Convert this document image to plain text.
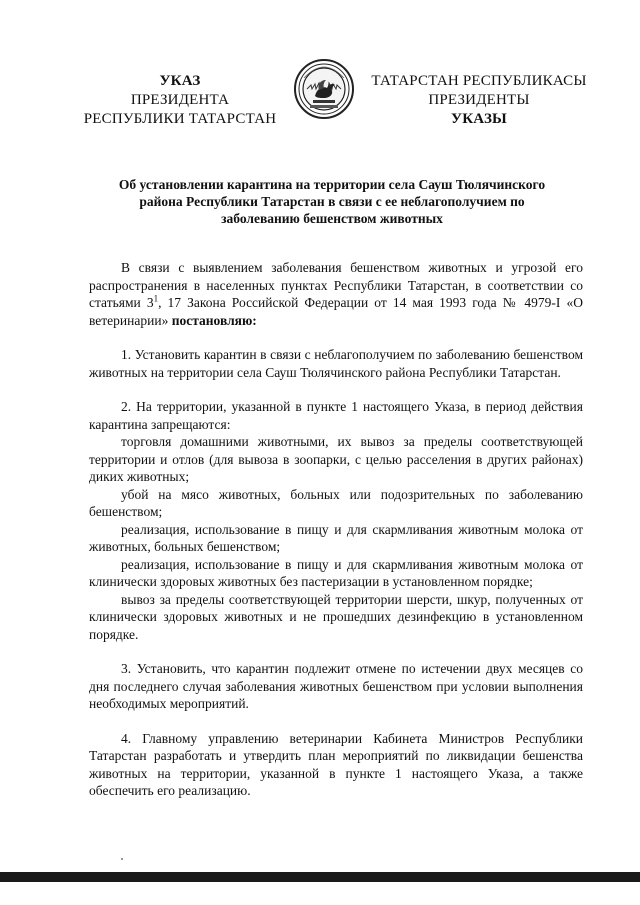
УКАЗ
ПРЕЗИДЕНТА
РЕСПУБЛИКИ ТАТАРСТАН
ТАТАРСТАН РЕСПУБЛИКАСЫ
ПРЕЗИДЕНТЫ
УКАЗЫ
Об установлении карантина на территории села Сауш Тюлячинского
района Республики Татарстан в связи с ее неблагополучием по
заболеванию бешенством животных

В связи с выявлением заболевания бешенством животных и угрозой его распространения в населенных пунктах Республики Татарстан, в соответствии со статьями $3^1$, 17 Закона Российской Федерации от 14 мая 1993 года № 4979-I «О ветеринарии» постановляю:

1. Установить карантин в связи с неблагополучием по заболеванию бешенством животных на территории села Сауш Тюлячинского района Республики Татарстан.

2. На территории, указанной в пункте 1 настоящего Указа, в период действия карантина запрещаются:

торговля домашними животными, их вывоз за пределы соответствующей территории и отлов (для вывоза в зоопарки, с целью расселения в других районах) диких животных;

убой на мясо животных, больных или подозрительных по заболеванию бешенством;

реализация, использование в пищу и для скармливания животным молока от животных, больных бешенством;

реализация, использование в пищу и для скармливания животным молока от клинически здоровых животных без пастеризации в установленном порядке;

вывоз за пределы соответствующей территории шерсти, шкур, полученных от клинически здоровых животных и не прошедших дезинфекцию в установленном порядке.

3. Установить, что карантин подлежит отмене по истечении двух месяцев со дня последнего случая заболевания животных бешенством при условии выполнения необходимых мероприятий.

4. Главному управлению ветеринарии Кабинета Министров Республики Татарстан разработать и утвердить план мероприятий по ликвидации бешенства животных на территории, указанной в пункте 1 настоящего Указа, а также обеспечить его реализацию.
